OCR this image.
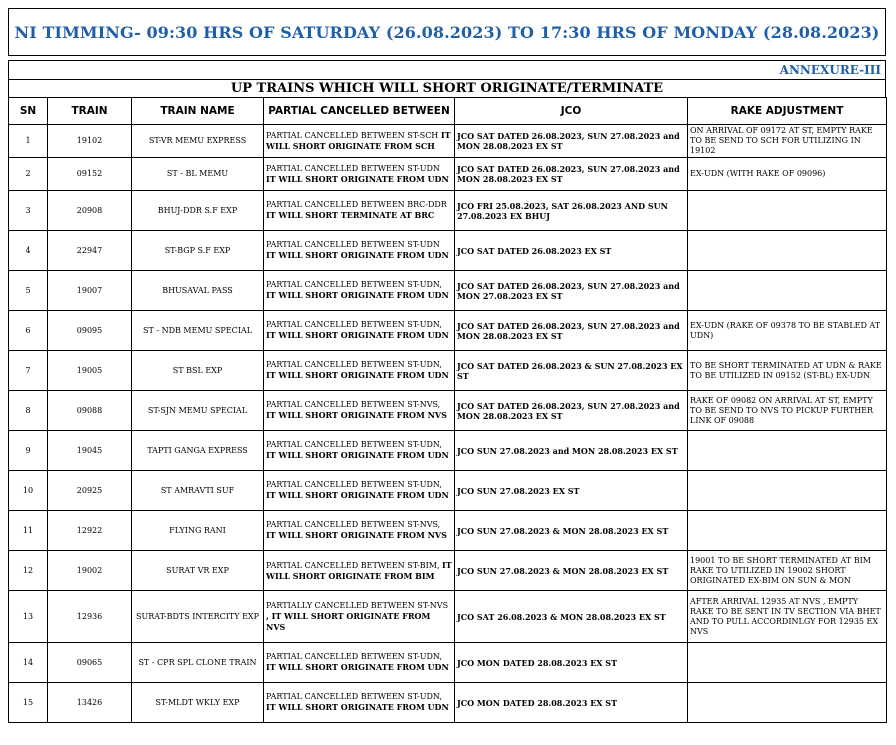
NI TIMMING- 09:30 HRS OF SATURDAY (26.08.2023) TO 17:30 HRS OF MONDAY (28.08.2023)
ANNEXURE-III
UP TRAINS WHICH WILL SHORT ORIGINATE/TERMINATE
SN	TRAIN	TRAIN NAME	PARTIAL CANCELLED BETWEEN	JCO	RAKE ADJUSTMENT
1	19102	ST-VR MEMU EXPRESS	PARTIAL CANCELLED BETWEEN ST-SCH IT WILL SHORT ORIGINATE FROM SCH	JCO SAT DATED 26.08.2023, SUN 27.08.2023 and MON 28.08.2023 EX ST	ON ARRIVAL OF 09172 AT ST, EMPTY RAKE TO BE SEND TO SCH FOR UTILIZING IN 19102
2	09152	ST - BL MEMU	PARTIAL CANCELLED BETWEEN ST-UDN IT WILL SHORT ORIGINATE FROM UDN	JCO SAT DATED 26.08.2023, SUN 27.08.2023 and MON 28.08.2023 EX ST	EX-UDN (WITH RAKE OF 09096)
3	20908	BHUJ-DDR S.F EXP	PARTIAL CANCELLED BETWEEN BRC-DDR IT WILL SHORT TERMINATE AT BRC	JCO FRI 25.08.2023, SAT 26.08.2023 AND SUN 27.08.2023 EX BHUJ	
4	22947	ST-BGP S.F EXP	PARTIAL CANCELLED BETWEEN ST-UDN IT WILL SHORT ORIGINATE FROM UDN	JCO SAT DATED 26.08.2023 EX ST	
5	19007	BHUSAVAL PASS	PARTIAL CANCELLED BETWEEN ST-UDN, IT WILL SHORT ORIGINATE FROM UDN	JCO SAT DATED 26.08.2023, SUN 27.08.2023 and MON 27.08.2023 EX ST	
6	09095	ST - NDB MEMU SPECIAL	PARTIAL CANCELLED BETWEEN ST-UDN, IT WILL SHORT ORIGINATE FROM UDN	JCO SAT DATED 26.08.2023, SUN 27.08.2023 and MON 28.08.2023 EX ST	EX-UDN (RAKE OF 09378 TO BE STABLED AT UDN)
7	19005	ST BSL EXP	PARTIAL CANCELLED BETWEEN ST-UDN, IT WILL SHORT ORIGINATE FROM UDN	JCO SAT DATED 26.08.2023 & SUN 27.08.2023 EX ST	TO BE SHORT TERMINATED AT UDN & RAKE TO BE UTILIZED IN 09152 (ST-BL) EX-UDN
8	09088	ST-SJN MEMU SPECIAL	PARTIAL CANCELLED BETWEEN ST-NVS, IT WILL SHORT ORIGINATE FROM NVS	JCO SAT DATED 26.08.2023, SUN 27.08.2023 and MON 28.08.2023 EX ST	RAKE OF 09082 ON ARRIVAL AT ST, EMPTY TO BE SEND TO NVS TO PICKUP FURTHER LINK OF 09088
9	19045	TAPTI GANGA EXPRESS	PARTIAL CANCELLED BETWEEN ST-UDN, IT WILL SHORT ORIGINATE FROM UDN	JCO SUN 27.08.2023 and MON 28.08.2023 EX ST	
10	20925	ST AMRAVTI SUF	PARTIAL CANCELLED BETWEEN ST-UDN, IT WILL SHORT ORIGINATE FROM UDN	JCO SUN 27.08.2023 EX ST	
11	12922	FLYING RANI	PARTIAL CANCELLED BETWEEN ST-NVS, IT WILL SHORT ORIGINATE FROM NVS	JCO SUN 27.08.2023 & MON 28.08.2023 EX ST	
12	19002	SURAT VR EXP	PARTIAL CANCELLED BETWEEN ST-BIM, IT WILL SHORT ORIGINATE FROM BIM	JCO SUN 27.08.2023 & MON 28.08.2023 EX ST	19001 TO BE SHORT TERMINATED AT BIM RAKE TO UTILIZED IN 19002 SHORT ORIGINATED EX-BIM ON SUN & MON
13	12936	SURAT-BDTS INTERCITY EXP	PARTIALLY CANCELLED BETWEEN ST-NVS , IT WILL SHORT ORIGINATE FROM NVS	JCO SAT 26.08.2023 & MON 28.08.2023 EX ST	AFTER ARRIVAL 12935 AT NVS , EMPTY RAKE TO BE SENT IN TV SECTION VIA BHET AND TO PULL ACCORDINLGY FOR 12935 EX NVS
14	09065	ST - CPR SPL CLONE TRAIN	PARTIAL CANCELLED BETWEEN ST-UDN, IT WILL SHORT ORIGINATE FROM UDN	JCO MON DATED 28.08.2023 EX ST	
15	13426	ST-MLDT WKLY EXP	PARTIAL CANCELLED BETWEEN ST-UDN, IT WILL SHORT ORIGINATE FROM UDN	JCO MON DATED 28.08.2023 EX ST	
